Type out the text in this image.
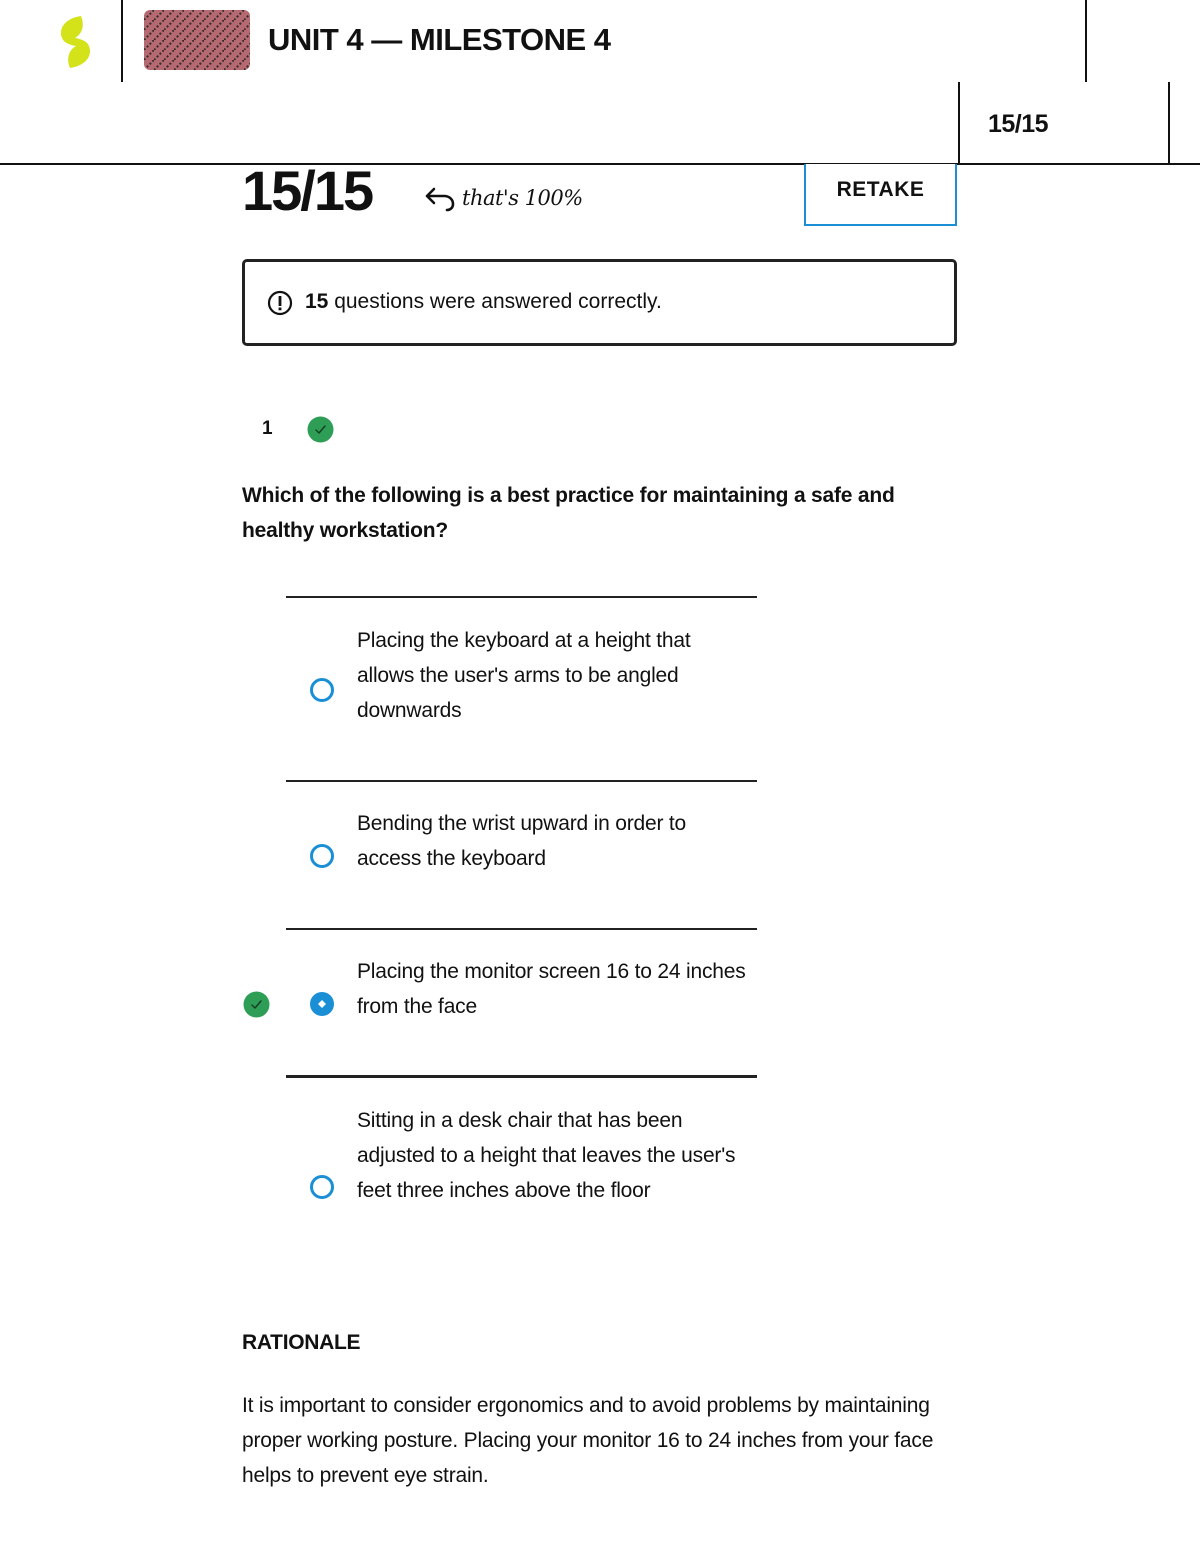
UNIT 4 — MILESTONE 4
15/15
15/15	that's 100%	RETAKE
15 questions were answered correctly.
1
Which of the following is a best practice for maintaining a safe and healthy workstation?
Placing the keyboard at a height that allows the user's arms to be angled downwards
Bending the wrist upward in order to access the keyboard
Placing the monitor screen 16 to 24 inches from the face
Sitting in a desk chair that has been adjusted to a height that leaves the user's feet three inches above the floor
RATIONALE
It is important to consider ergonomics and to avoid problems by maintaining proper working posture. Placing your monitor 16 to 24 inches from your face helps to prevent eye strain.
